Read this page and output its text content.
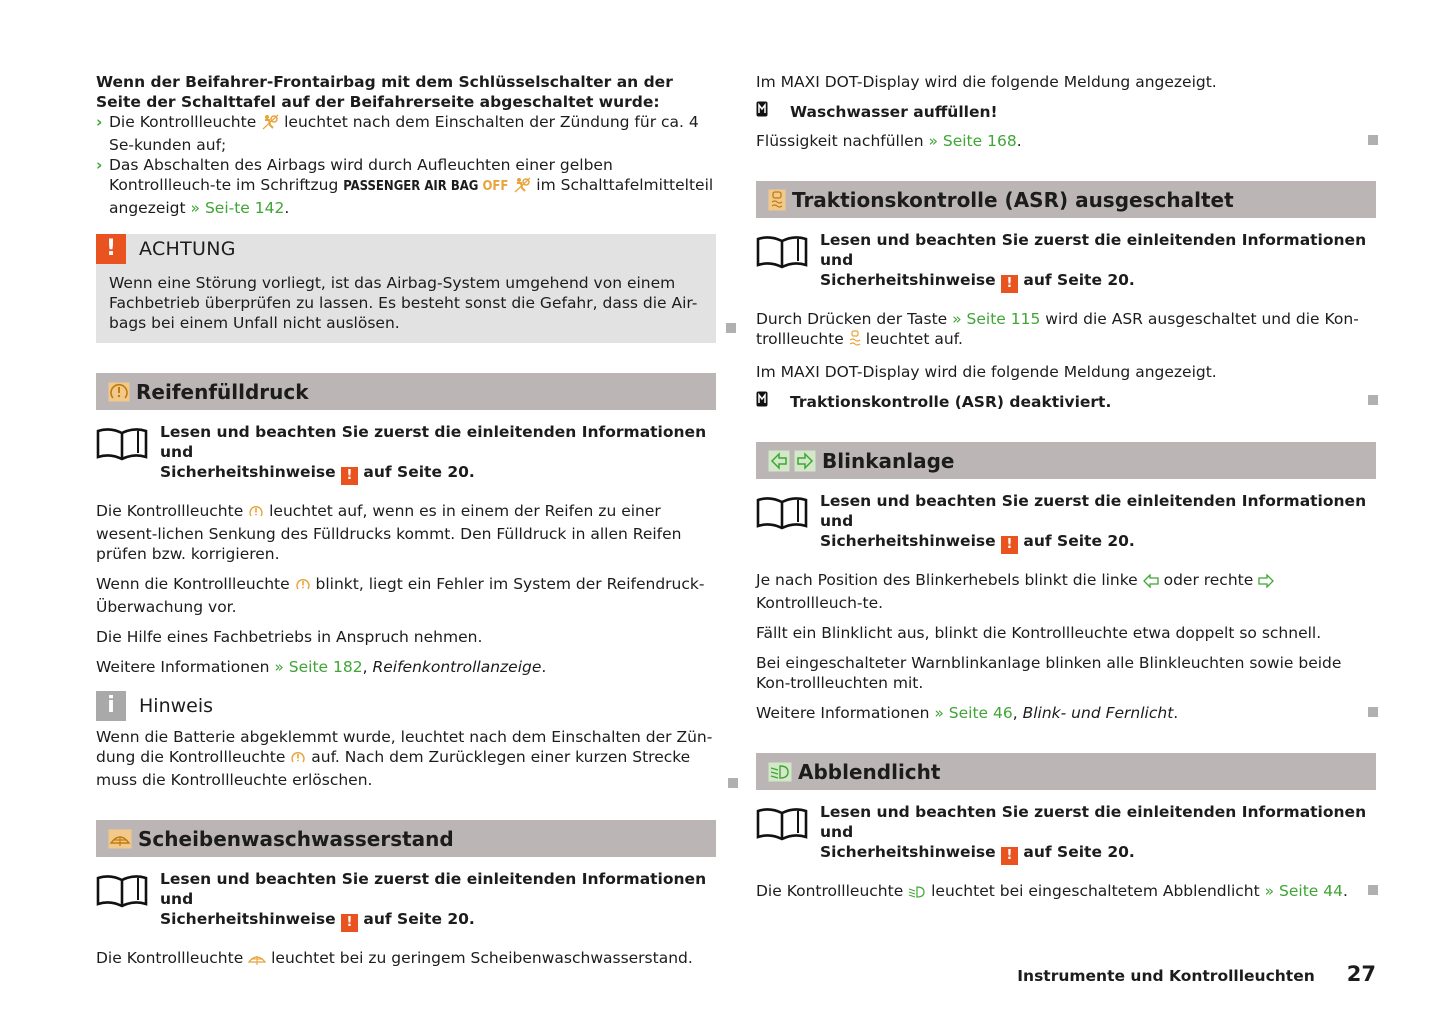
Wenn der Beifahrer-Frontairbag mit dem Schlüsselschalter an der Seite der Schalttafel auf der Beifahrerseite abgeschaltet wurde:

› Die Kontrollleuchte  leuchtet nach dem Einschalten der Zündung für ca. 4 Se-kunden auf;
› Das Abschalten des Airbags wird durch Aufleuchten einer gelben Kontrollleuch-te im Schriftzug PASSENGER AIR BAG OFF  im Schalttafelmittelteil angezeigt » Sei-te 142.
!	ACHTUNG

Wenn eine Störung vorliegt, ist das Airbag-System umgehend von einem Fachbetrieb überprüfen zu lassen. Es besteht sonst die Gefahr, dass die Air-bags bei einem Unfall nicht auslösen.

Reifenfülldruck
Lesen und beachten Sie zuerst die einleitenden Informationen und
Sicherheitshinweise ! auf Seite 20.

Die Kontrollleuchte  leuchtet auf, wenn es in einem der Reifen zu einer wesent-lichen Senkung des Fülldrucks kommt. Den Fülldruck in allen Reifen prüfen bzw. korrigieren.

Wenn die Kontrollleuchte  blinkt, liegt ein Fehler im System der Reifendruck-Überwachung vor.

Die Hilfe eines Fachbetriebs in Anspruch nehmen.

Weitere Informationen » Seite 182, Reifenkontrollanzeige.

i	Hinweis

Wenn die Batterie abgeklemmt wurde, leuchtet nach dem Einschalten der Zün-dung die Kontrollleuchte  auf. Nach dem Zurücklegen einer kurzen Strecke muss die Kontrollleuchte erlöschen.

Scheibenwaschwasserstand
Lesen und beachten Sie zuerst die einleitenden Informationen und
Sicherheitshinweise ! auf Seite 20.

Die Kontrollleuchte  leuchtet bei zu geringem Scheibenwaschwasserstand.

Im MAXI DOT-Display wird die folgende Meldung angezeigt.

Waschwasser auffüllen!

Flüssigkeit nachfüllen » Seite 168.

Traktionskontrolle (ASR) ausgeschaltet
Lesen und beachten Sie zuerst die einleitenden Informationen und
Sicherheitshinweise ! auf Seite 20.

Durch Drücken der Taste » Seite 115 wird die ASR ausgeschaltet und die Kon-trollleuchte  leuchtet auf.

Im MAXI DOT-Display wird die folgende Meldung angezeigt.

Traktionskontrolle (ASR) deaktiviert.
Blinkanlage
Lesen und beachten Sie zuerst die einleitenden Informationen und
Sicherheitshinweise ! auf Seite 20.

Je nach Position des Blinkerhebels blinkt die linke  oder rechte  Kontrollleuch-te.

Fällt ein Blinklicht aus, blinkt die Kontrollleuchte etwa doppelt so schnell.

Bei eingeschalteter Warnblinkanlage blinken alle Blinkleuchten sowie beide Kon-trollleuchten mit.

Weitere Informationen » Seite 46, Blink- und Fernlicht.

Abblendlicht
Lesen und beachten Sie zuerst die einleitenden Informationen und
Sicherheitshinweise ! auf Seite 20.

Die Kontrollleuchte  leuchtet bei eingeschaltetem Abblendlicht » Seite 44.

Instrumente und Kontrollleuchten 27
